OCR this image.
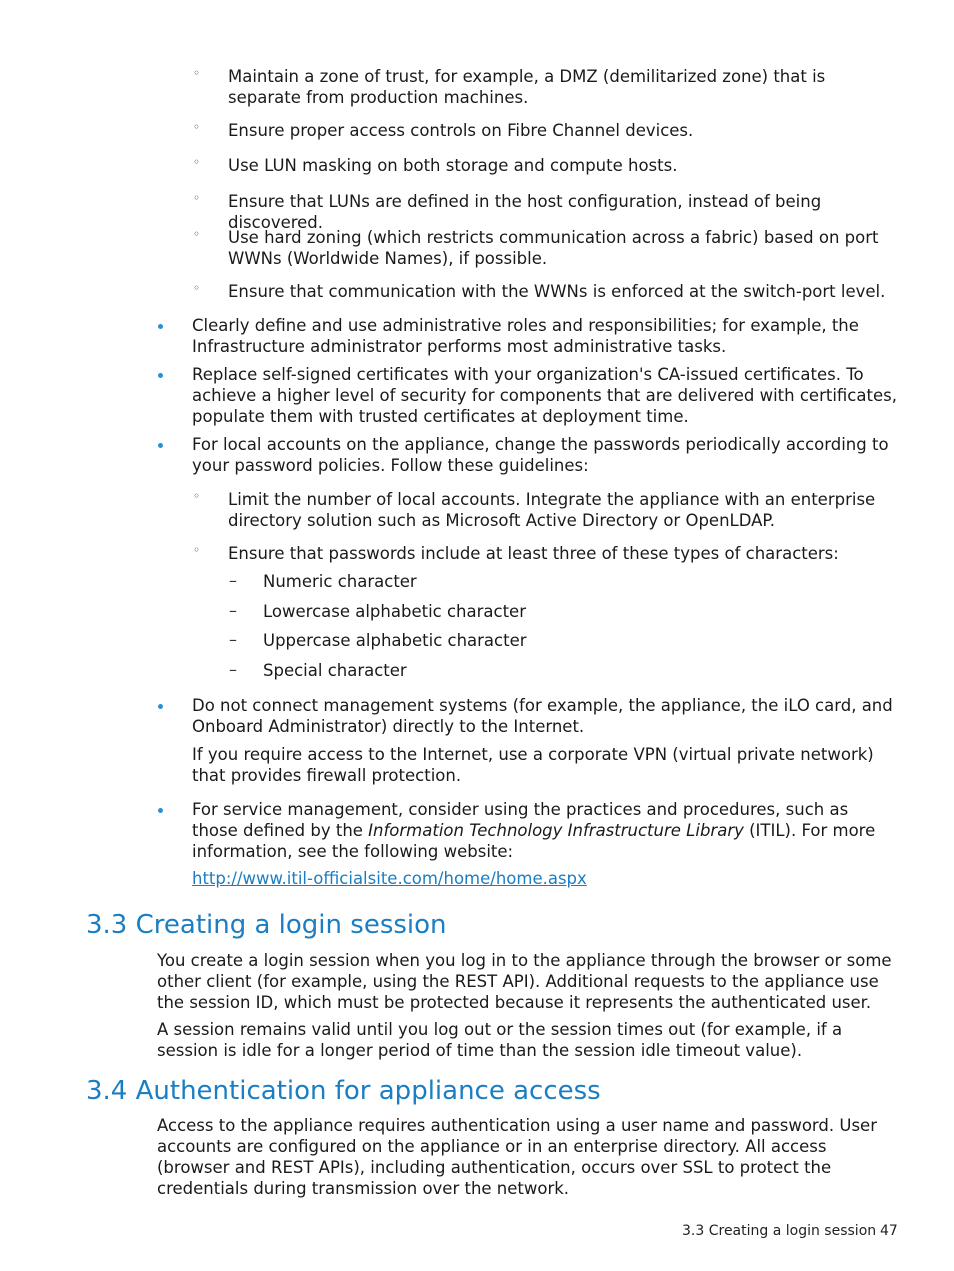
◦ Maintain a zone of trust, for example, a DMZ (demilitarized zone) that is separate from production machines.
◦ Ensure proper access controls on Fibre Channel devices.
◦ Use LUN masking on both storage and compute hosts.
◦ Ensure that LUNs are defined in the host configuration, instead of being discovered.
◦ Use hard zoning (which restricts communication across a fabric) based on port WWNs (Worldwide Names), if possible.
◦ Ensure that communication with the WWNs is enforced at the switch-port level.
Clearly define and use administrative roles and responsibilities; for example, the Infrastructure administrator performs most administrative tasks.
Replace self-signed certificates with your organization's CA-issued certificates. To achieve a higher level of security for components that are delivered with certificates, populate them with trusted certificates at deployment time.
For local accounts on the appliance, change the passwords periodically according to your password policies. Follow these guidelines:
◦ Limit the number of local accounts. Integrate the appliance with an enterprise directory solution such as Microsoft Active Directory or OpenLDAP.
◦ Ensure that passwords include at least three of these types of characters:
– Numeric character
– Lowercase alphabetic character
– Uppercase alphabetic character
– Special character
Do not connect management systems (for example, the appliance, the iLO card, and Onboard Administrator) directly to the Internet.
If you require access to the Internet, use a corporate VPN (virtual private network) that provides firewall protection.
For service management, consider using the practices and procedures, such as those defined by the Information Technology Infrastructure Library (ITIL). For more information, see the following website:
http://www.itil-officialsite.com/home/home.aspx
3.3 Creating a login session
You create a login session when you log in to the appliance through the browser or some other client (for example, using the REST API). Additional requests to the appliance use the session ID, which must be protected because it represents the authenticated user.
A session remains valid until you log out or the session times out (for example, if a session is idle for a longer period of time than the session idle timeout value).
3.4 Authentication for appliance access
Access to the appliance requires authentication using a user name and password. User accounts are configured on the appliance or in an enterprise directory. All access (browser and REST APIs), including authentication, occurs over SSL to protect the credentials during transmission over the network.
3.3 Creating a login session 47
